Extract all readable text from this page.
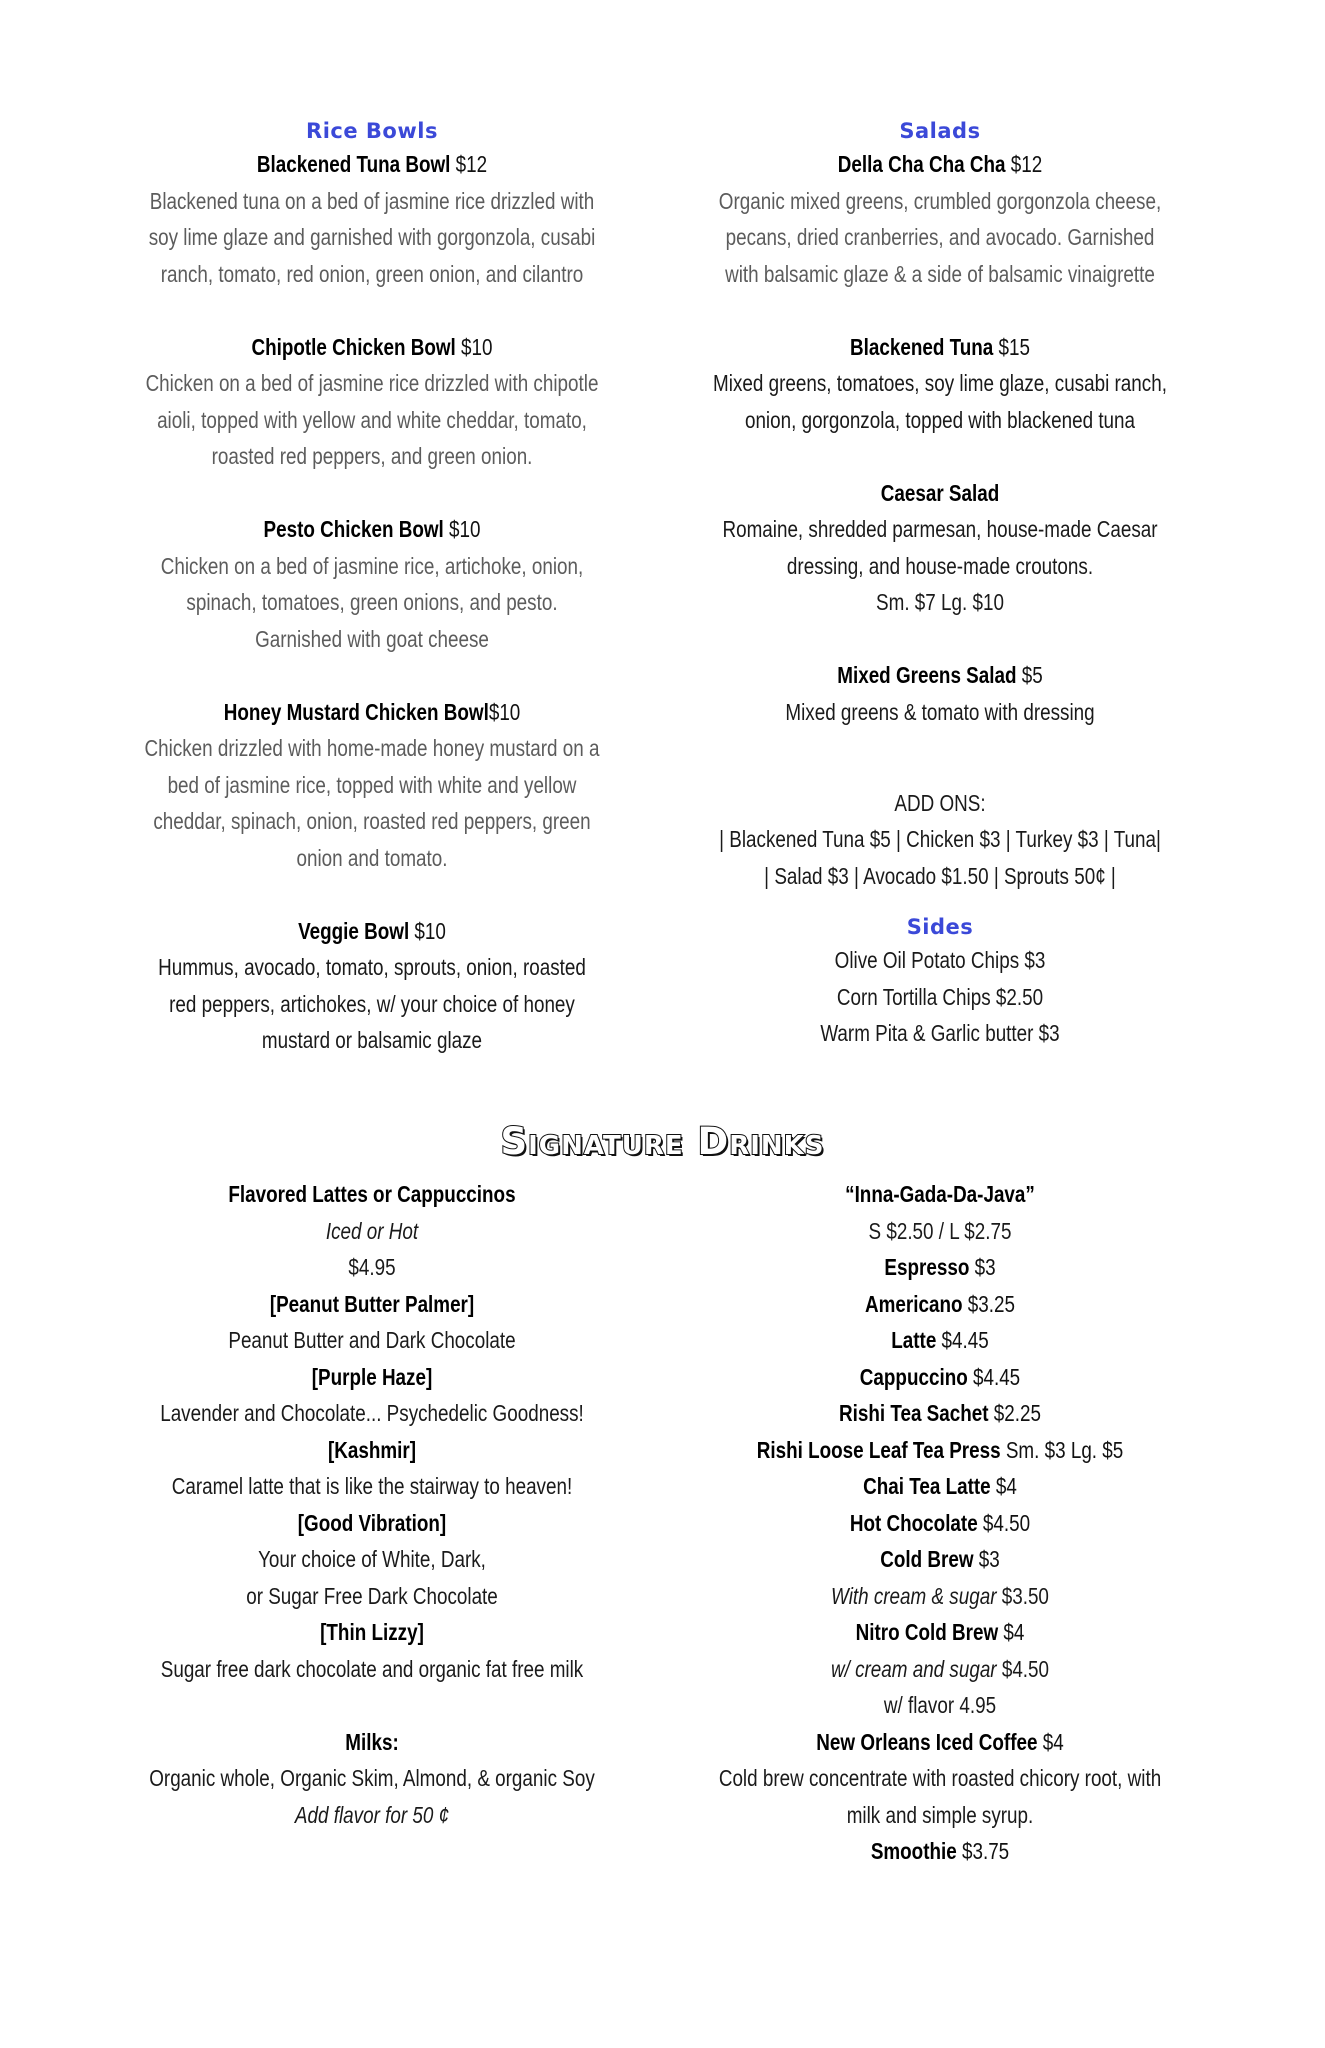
Rice Bowls
Blackened Tuna Bowl $12
Blackened tuna on a bed of jasmine rice drizzled with
soy lime glaze and garnished with gorgonzola, cusabi
ranch, tomato, red onion, green onion, and cilantro
Chipotle Chicken Bowl $10
Chicken on a bed of jasmine rice drizzled with chipotle
aioli, topped with yellow and white cheddar, tomato,
roasted red peppers, and green onion.
Pesto Chicken Bowl $10
Chicken on a bed of jasmine rice, artichoke, onion,
spinach, tomatoes, green onions, and pesto.
Garnished with goat cheese
Honey Mustard Chicken Bowl$10
Chicken drizzled with home-made honey mustard on a
bed of jasmine rice, topped with white and yellow
cheddar, spinach, onion, roasted red peppers, green
onion and tomato.
Veggie Bowl $10
Hummus, avocado, tomato, sprouts, onion, roasted
red peppers, artichokes, w/ your choice of honey
mustard or balsamic glaze
Salads
Della Cha Cha Cha $12
Organic mixed greens, crumbled gorgonzola cheese,
pecans, dried cranberries, and avocado. Garnished
with balsamic glaze & a side of balsamic vinaigrette
Blackened Tuna $15
Mixed greens, tomatoes, soy lime glaze, cusabi ranch,
onion, gorgonzola, topped with blackened tuna
Caesar Salad
Romaine, shredded parmesan, house-made Caesar
dressing, and house-made croutons.
Sm. $7 Lg. $10
Mixed Greens Salad $5
Mixed greens & tomato with dressing
ADD ONS:
| Blackened Tuna $5 | Chicken $3 | Turkey $3 | Tuna|
| Salad $3 | Avocado $1.50 | Sprouts 50¢ |
Sides
Olive Oil Potato Chips $3
Corn Tortilla Chips $2.50
Warm Pita & Garlic butter $3
Signature Drinks
Flavored Lattes or Cappuccinos
Iced or Hot
$4.95
[Peanut Butter Palmer]
Peanut Butter and Dark Chocolate
[Purple Haze]
Lavender and Chocolate... Psychedelic Goodness!
[Kashmir]
Caramel latte that is like the stairway to heaven!
[Good Vibration]
Your choice of White, Dark,
or Sugar Free Dark Chocolate
[Thin Lizzy]
Sugar free dark chocolate and organic fat free milk
Milks:
Organic whole, Organic Skim, Almond, & organic Soy
Add flavor for 50 ¢
“Inna-Gada-Da-Java”
S $2.50 / L $2.75
Espresso $3
Americano $3.25
Latte $4.45
Cappuccino $4.45
Rishi Tea Sachet $2.25
Rishi Loose Leaf Tea Press Sm. $3 Lg. $5
Chai Tea Latte $4
Hot Chocolate $4.50
Cold Brew $3
With cream & sugar $3.50
Nitro Cold Brew $4
w/ cream and sugar $4.50
w/ flavor 4.95
New Orleans Iced Coffee $4
Cold brew concentrate with roasted chicory root, with
milk and simple syrup.
Smoothie $3.75
